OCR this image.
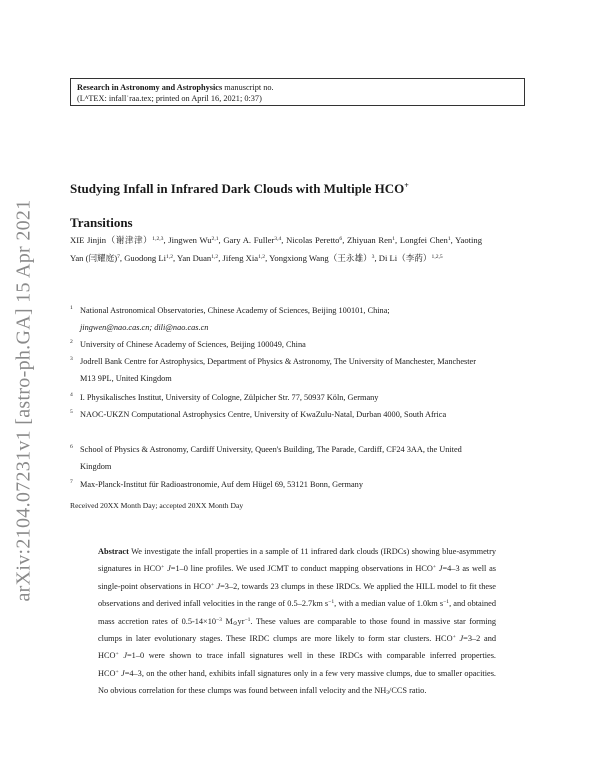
arXiv:2104.07231v1 [astro-ph.GA] 15 Apr 2021
Research in Astronomy and Astrophysics manuscript no.
(LᴬTEX: infall˙raa.tex; printed on April 16, 2021; 0:37)
Studying Infall in Infrared Dark Clouds with Multiple HCO+
Transitions
XIE Jinjin（谢津津）$^{1,2,3}$, Jingwen Wu$^{2,1}$, Gary A. Fuller$^{3,4}$, Nicolas Peretto$^6$, Zhiyuan Ren$^1$, Longfei Chen$^1$, Yaoting Yan (闫耀庭)$^7$, Guodong Li$^{1,2}$, Yan Duan$^{1,2}$, Jifeng Xia$^{1,2}$, Yongxiong Wang（王永雄）$^3$, Di Li（李菂）$^{1,2,5}$
1 National Astronomical Observatories, Chinese Academy of Sciences, Beijing 100101, China;
jingwen@nao.cas.cn; dili@nao.cas.cn
2 University of Chinese Academy of Sciences, Beijing 100049, China
3 Jodrell Bank Centre for Astrophysics, Department of Physics & Astronomy, The University of Manchester, Manchester M13 9PL, United Kingdom
4 I. Physikalisches Institut, University of Cologne, Zülpicher Str. 77, 50937 Köln, Germany
5 NAOC-UKZN Computational Astrophysics Centre, University of KwaZulu-Natal, Durban 4000, South Africa
6 School of Physics & Astronomy, Cardiff University, Queen's Building, The Parade, Cardiff, CF24 3AA, the United Kingdom
7 Max-Planck-Institut für Radioastronomie, Auf dem Hügel 69, 53121 Bonn, Germany
Received 20XX Month Day; accepted 20XX Month Day
Abstract We investigate the infall properties in a sample of 11 infrared dark clouds (IRDCs) showing blue-asymmetry signatures in HCO+ J=1–0 line profiles. We used JCMT to conduct mapping observations in HCO+ J=4–3 as well as single-point observations in HCO+ J=3–2, towards 23 clumps in these IRDCs. We applied the HILL model to fit these observations and derived infall velocities in the range of 0.5–2.7km $s^{-1}$, with a median value of 1.0km $s^{-1}$, and obtained mass accretion rates of $0.5-14\times 10^{-3}$ $M_⊙yr^{-1}$. These values are comparable to those found in massive star forming clumps in later evolutionary stages. These IRDC clumps are more likely to form star clusters. HCO+ J=3–2 and HCO+ J=1–0 were shown to trace infall signatures well in these IRDCs with comparable inferred properties. HCO+ J=4–3, on the other hand, exhibits infall signatures only in a few very massive clumps, due to smaller opacities. No obvious correlation for these clumps was found between infall velocity and the $NH_3$/CCS ratio.
